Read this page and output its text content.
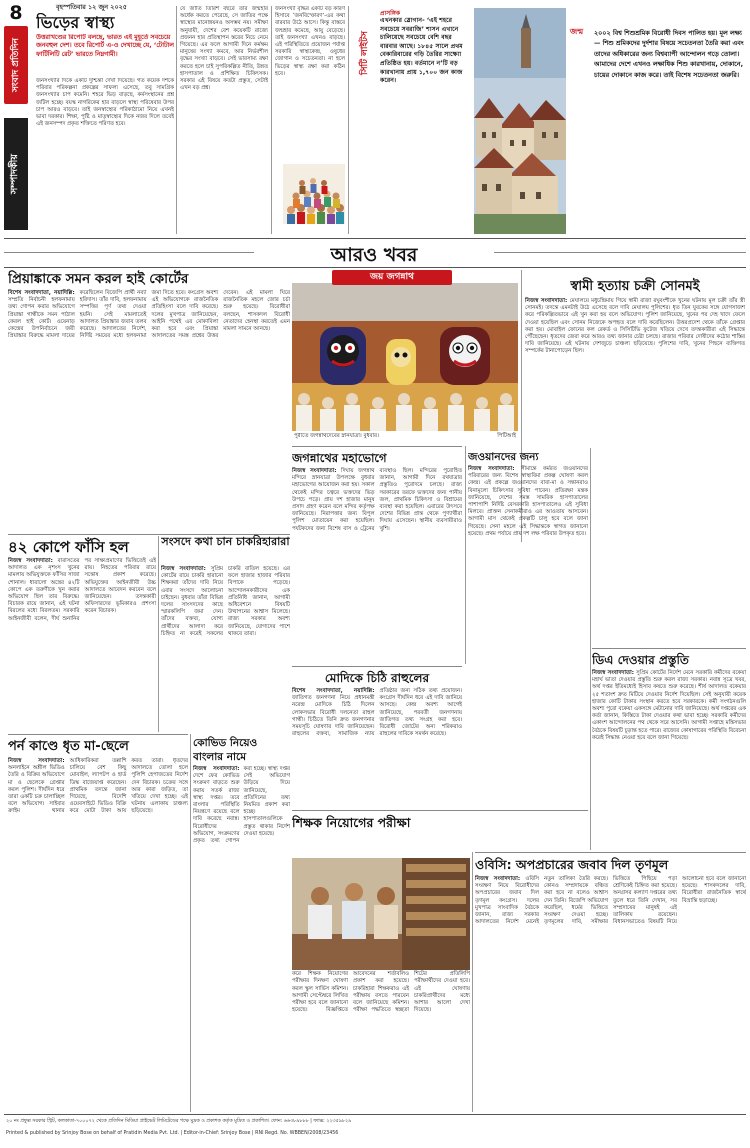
8
সংবাদ প্রতিদিন
সম্পাদকীয়
বৃহস্পতিবার ১২ জুন ২০২৫
ভিড়ের স্বাস্থ্য
উত্তরাখণ্ডের রিপোর্ট বলছে, ভারত এই মুহূর্তে সবচেয়ে জনবহুল দেশ। তবে রিপোর্ট এ-ও দেখাচ্ছে যে, ‘টোটাল ফার্টিলিটি রেট’ ভারতে নিম্নগামী।
জনসংখ্যার দিকে একটি দুশ্চিন্তা দেখা দিয়েছে। গত কয়েক দশকে পরিবার পরিকল্পনা প্রকল্পের সাফল্য এসেছে, তবু সামগ্রিক জনসংখ্যার চাপ কমেনি। শহরে ভিড় বাড়ছে, কর্মসংস্থানের প্রশ্ন জটিল হচ্ছে। বয়স্ক নাগরিকের হার বাড়লে স্বাস্থ্য পরিষেবার উপর চাপ আরও বাড়বে। তাই জনস্বাস্থ্যের পরিকাঠামো নিয়ে এখনই ভাবা দরকার। শিক্ষা, পুষ্টি ও মাতৃস্বাস্থ্যের দিকে নজর দিলে তবেই এই জনসম্পদ প্রকৃত শক্তিতে পরিণত হবে।
যে জাতি তিরিশ বছরে তার জন্মহার অর্ধেক করতে পেরেছে, সে জাতির পক্ষে স্বাস্থ্যের মানোন্নয়নও অসম্ভব নয়। সমীক্ষা অনুযায়ী, দেশের বেশ কয়েকটি রাজ্যে প্রজনন হার প্রতিস্থাপন স্তরের নিচে নেমে গিয়েছে। এর ফলে আগামী দিনে কর্মক্ষম মানুষের সংখ্যা কমবে, আর নির্ভরশীল বৃদ্ধের সংখ্যা বাড়বে। সেই ভারসাম্য রক্ষা করতে হলে চাই সুপরিকল্পিত নীতি, উন্নত হাসপাতাল ও প্রশিক্ষিত চিকিৎসক। সরকার এই বিষয়ে কতটা প্রস্তুত, সেটাই এখন বড় প্রশ্ন।
জনসংখ্যা বৃদ্ধির একটি বড় কারণ হিসাবে ‘জনবিস্ফোরণ’-এর কথা বারবার উঠে আসে। কিন্তু বাস্তবে জন্মহার কমেছে, আয়ু বেড়েছে। তাই জনসংখ্যা এখনও বাড়ছে। এই পরিস্থিতিতে প্রয়োজন পর্যাপ্ত সরকারি স্বাস্থ্যকেন্দ্র, ওষুধের জোগান ও সচেতনতা। না হলে ভিড়ের স্বাস্থ্য রক্ষা করা কঠিন হবে।	সিটি লাইটস
প্রাসঙ্গিক
এখনকার স্লোগান- ‘এই শহরে সবচেয়ে সবরাজি’ শাসন এখানে চালিয়েছে সবচেয়ে বেশি বছর বারবার আছে। ১৮৪৫ সালে প্রথম বেকারিবারের গড়ি তৈরির সাক্ষ্যো প্রতিষ্ঠিত হয়। বর্তমানে ন’টি বড় কারখানায় প্রায় ১,৭০০ জন কাজ করেন।
জন্ম	২০০২ বিশ্ব শিশুশ্রমিক বিরোধী দিবস পালিত হয়। মূল লক্ষ্য— শিশু শ্রমিকদের দুর্দশার বিষয়ে সচেতনতা তৈরি করা এবং তাদের অধিকারের জন্য বিশ্বব্যাপী আন্দোলন গড়ে তোলা। আমাদের দেশে এখনও লক্ষাধিক শিশু কারখানায়, দোকানে, চায়ের দোকানে কাজ করে। তাই বিশেষ সচেতনতা জরুরি।
আরও খবর
প্রিয়াঙ্কাকে সমন করল হাই কোর্টের
বিশেষ সংবাদদাতা, নয়াদিল্লি: সম্প্রতি নির্বাচনী হলফনামায় তথ্য গোপন করার অভিযোগে প্রিয়াঙ্কা গান্ধীকে সমন পাঠাল কেরল হাই কোর্ট। ওয়েনাড় কেন্দ্রের উপনির্বাচনে জয়ী প্রিয়াঙ্কার বিরুদ্ধে মামলা দায়ের করেছিলেন বিজেপি প্রার্থী নব্যা হরিদাস। তাঁর দাবি, হলফনামায় সম্পত্তির পূর্ণ তথ্য দেওয়া হয়নি। সেই মামলাতেই আদালত প্রিয়াঙ্কার জবাব তলব করেছে। আদালতের নির্দেশ, নির্দিষ্ট সময়ের মধ্যে হলফনামা জমা দিতে হবে। কংগ্রেস অবশ্য এই অভিযোগকে রাজনৈতিক প্রতিহিংসা বলে দাবি করেছে। দলের মুখপাত্র জানিয়েছেন, আইনি পথেই এর মোকাবিলা করা হবে এবং প্রিয়াঙ্কা আদালতের সমস্ত প্রশ্নের উত্তর দেবেন। এই মামলা ঘিরে রাজনৈতিক মহলে জোর চর্চা শুরু হয়েছে। বিরোধীরা বলছেন, শাসকদল বিরোধী নেতাদের হেনস্থা করতেই এমন মামলা সামনে আনছে।
জয় জগন্নাথ
পুরীতে জগন্নাথদেবের স্নানযাত্রা। বুধবার।	পিটিআই
স্বামী হত্যায় চক্রী সোনমই
নিজস্ব সংবাদদাতা: মেঘালয়ে মধুচন্দ্রিমায় গিয়ে স্বামী রাজা রঘুবংশীকে খুনের ঘটনায় মূল চক্রী তাঁর স্ত্রী সোনমই। তদন্তে এমনটাই উঠে এসেছে বলে দাবি মেঘালয় পুলিশের। ধৃত তিন যুবকের সঙ্গে যোগসাজশ করে পরিকল্পিতভাবে এই খুন করা হয় বলে অভিযোগ। পুলিশ জানিয়েছে, খুনের পর দেহ খাদে ফেলে দেওয়া হয়েছিল এবং সোনম নিজেকে অপহৃত বলে দাবি করেছিলেন। উত্তরপ্রদেশ থেকে তাঁকে গ্রেপ্তার করা হয়। মোবাইল ফোনের কল রেকর্ড ও সিসিটিভি ফুটেজ খতিয়ে দেখে তদন্তকারীরা এই সিদ্ধান্তে পৌঁছেছেন। ধৃতদের জেরা করে আরও তথ্য জানার চেষ্টা চলছে। রাজার পরিবার দোষীদের কঠোর শাস্তির দাবি জানিয়েছে। এই ঘটনায় দেশজুড়ে চাঞ্চল্য ছড়িয়েছে। পুলিশের দাবি, খুনের পিছনে ব্যক্তিগত সম্পর্কের টানাপোড়েন ছিল।
জগন্নাথের মহাভোগে
নিজস্ব সংবাদদাতা: দিঘায় জগন্নাথ মন্দিরে স্নানযাত্রা উপলক্ষে বুধবার মহাভোগের আয়োজন করা হয়। সকাল থেকেই মন্দির চত্বরে ভক্তদের ভিড় উপচে পড়ে। প্রায় দশ হাজার মানুষ প্রসাদ গ্রহণ করেন বলে মন্দির কর্তৃপক্ষ জানিয়েছে। নিরাপত্তার জন্য বিপুল পুলিশ মোতায়েন করা হয়েছিল। পর্যটকদের জন্য বিশেষ বাস ও ট্রেনের ব্যবস্থাও ছিল। মন্দিরের পুরোহিত জানান, আগামী দিনে রথযাত্রার প্রস্তুতিও পুরোদমে চলছে। রাজ্য সরকারের তরফে ভক্তদের জন্য পানীয় জল, প্রাথমিক চিকিৎসা ও বিশ্রামের ব্যবস্থা করা হয়েছিল। এবারের উৎসবে দেশের বিভিন্ন প্রান্ত থেকে পুণ্যার্থীরা দিঘায় এসেছেন। স্থানীয় ব্যবসায়ীরাও খুশি।
জওয়ানদের জন্য
নিজস্ব সংবাদদাতা: সীমান্তে কর্মরত জওয়ানদের পরিবারের জন্য বিশেষ স্বাস্থ্যবিমা প্রকল্প ঘোষণা করল কেন্দ্র। এই প্রকল্পে জওয়ানদের বাবা-মা ও সন্তানরাও বিনামূল্যে চিকিৎসার সুবিধা পাবেন। প্রতিরক্ষা মন্ত্রক জানিয়েছে, দেশের সমস্ত সামরিক হাসপাতালের পাশাপাশি নির্দিষ্ট বেসরকারি হাসপাতালেও এই সুবিধা মিলবে। প্রাক্তন সেনাকর্মীরাও এর আওতায় আসবেন। আগামী মাস থেকেই প্রকল্পটি চালু হবে বলে জানা গিয়েছে। সেনা মহলে এই সিদ্ধান্তকে স্বাগত জানানো হয়েছে। প্রথম পর্যায়ে প্রায় দশ লক্ষ পরিবার উপকৃত হবে।
৪২ কোপে ফাঁসি হল
নিজস্ব সংবাদদাতা: বারাসতের আদালত এক নৃশংস খুনের মামলায় অভিযুক্তকে ফাঁসির সাজা শোনাল। ধারালো অস্ত্রের ৪২টি কোপে এক তরুণীকে খুন করার অভিযোগ ছিল তার বিরুদ্ধে। বিচারক রায়ে জানান, এই ঘটনা বিরলের মধ্যে বিরলতম। সরকারি আইনজীবী বলেন, দীর্ঘ শুনানির পর সাক্ষ্যপ্রমাণের ভিত্তিতেই এই রায়। নিহতের পরিবার রায়ে সন্তোষ প্রকাশ করেছে। অভিযুক্তের আইনজীবী উচ্চ আদালতে আবেদন করবেন বলে জানিয়েছেন। তদন্তকারী অফিসারদের ভূমিকারও প্রশংসা করেন বিচারক।
সংসদে কথা চান চাকরিহারারা
নিজস্ব সংবাদদাতা: সুপ্রিম কোর্টের রায়ে চাকরি হারানো শিক্ষকরা তাঁদের দাবি নিয়ে এবার সংসদে আলোচনা চাইছেন। বুধবার তাঁরা বিভিন্ন দলের সাংসদদের কাছে স্মারকলিপি জমা দেন। তাঁদের বক্তব্য, যোগ্য প্রার্থীদের আলাদা করে চিহ্নিত না করেই সকলের চাকরি বাতিল হয়েছে। এর ফলে হাজার হাজার পরিবার বিপাকে পড়েছে। আন্দোলনকারীদের এক প্রতিনিধি জানান, আগামী অধিবেশনে বিষয়টি উত্থাপনের আশ্বাস মিলেছে। রাজ্য সরকার অবশ্য জানিয়েছে, যোগ্যদের পাশে থাকবে তারা।
ডিএ দেওয়ার প্রস্তুতি
নিজস্ব সংবাদদাতা: সুপ্রিম কোর্টের নির্দেশ মেনে সরকারি কর্মীদের বকেয়া মহার্ঘ ভাতা দেওয়ার প্রস্তুতি শুরু করল রাজ্য সরকার। নবান্ন সূত্রে খবর, অর্থ দপ্তর ইতিমধ্যেই হিসাব কষতে শুরু করেছে। শীর্ষ আদালত বকেয়ার ২৫ শতাংশ দ্রুত মিটিয়ে দেওয়ার নির্দেশ দিয়েছিল। সেই অনুযায়ী কয়েক হাজার কোটি টাকার সংস্থান করতে হবে সরকারকে। কর্মী সংগঠনগুলি অবশ্য পুরো বকেয়া একসঙ্গে মেটানোর দাবি জানিয়েছে। অর্থ দপ্তরের এক কর্তা জানান, কিস্তিতে টাকা দেওয়ার কথা ভাবা হচ্ছে। সরকারি কর্মীদের একাংশ আন্দোলনের পথ থেকে সরে আসেনি। আগামী সপ্তাহে মন্ত্রিসভার বৈঠকে বিষয়টি চূড়ান্ত হতে পারে। রাজ্যের কোষাগারের পরিস্থিতি বিবেচনা করেই সিদ্ধান্ত নেওয়া হবে বলে জানা গিয়েছে।
মোদিকে চিঠি রাহুলের
বিশেষ সংবাদদাতা, নয়াদিল্লি: জাতিগত জনগণনা নিয়ে প্রধানমন্ত্রী নরেন্দ্র মোদিকে চিঠি দিলেন লোকসভার বিরোধী দলনেতা রাহুল গান্ধী। চিঠিতে তিনি দ্রুত জনগণনার সময়সূচি ঘোষণার দাবি জানিয়েছেন। রাহুলের বক্তব্য, সামাজিক ন্যায় প্রতিষ্ঠার জন্য সঠিক তথ্য প্রয়োজন। কংগ্রেস দীর্ঘদিন ধরে এই দাবি জানিয়ে আসছে। কেন্দ্র অবশ্য আগেই জানিয়েছে, পরবর্তী জনগণনায় জাতিগত তথ্য সংগ্রহ করা হবে। বিরোধী জোটের অন্য শরিকরাও রাহুলের দাবিকে সমর্থন করেছে।
পর্ন কাণ্ডে ধৃত মা-ছেলে
নিজস্ব সংবাদদাতা: অনলাইনে অশ্লীল ভিডিও তৈরি ও বিক্রির অভিযোগে মা ও ছেলেকে গ্রেপ্তার করল পুলিশ। দীর্ঘদিন ধরে তারা একটি চক্র চালাচ্ছিল বলে অভিযোগ। সাইবার ক্রাইম থানার আধিকারিকরা তল্লাশি চালিয়ে বেশ কিছু মোবাইল, ল্যাপটপ ও হার্ড ডিস্ক বাজেয়াপ্ত করেছেন। প্রাথমিক তদন্তে জানা গিয়েছে, বিদেশি ওয়েবসাইটে ভিডিও বিক্রি করে মোটা টাকা আয় করত তারা। ধৃতদের আদালতে তোলা হলে পুলিশি হেপাজতের নির্দেশ দেন বিচারক। চক্রের সঙ্গে আর কারা জড়িত, তা খতিয়ে দেখা হচ্ছে। এই ঘটনায় এলাকায় চাঞ্চল্য ছড়িয়েছে।
কোভিড নিয়েও বাংলার নামে
নিজস্ব সংবাদদাতা: দেশে ফের কোভিড সংক্রমণ বাড়তে শুরু করায় সতর্ক রাজ্য স্বাস্থ্য দপ্তর। তবে বাংলার পরিস্থিতি নিয়ন্ত্রণে রয়েছে বলে দাবি করেছে নবান্ন। বিরোধীদের অভিযোগ, সংক্রমণের প্রকৃত তথ্য গোপন করা হচ্ছে। স্বাস্থ্য দপ্তর সেই অভিযোগ উড়িয়ে দিয়ে জানিয়েছে, প্রতিদিনের তথ্য নিয়মিত প্রকাশ করা হচ্ছে। হাসপাতালগুলিকে প্রস্তুত থাকার নির্দেশ দেওয়া হয়েছে।
শিক্ষক নিয়োগের পরীক্ষা
করে শিক্ষক নিয়োগের পরীক্ষার দিনক্ষণ ঘোষণা করল স্কুল সার্ভিস কমিশন। আগামী সেপ্টেম্বরে লিখিত পরীক্ষা হবে বলে জানানো হয়েছে। বিজ্ঞপ্তিতে আবেদনের শর্তাবলিও প্রকাশ করা হয়েছে। চাকরিহারা শিক্ষকরাও এই পরীক্ষায় বসতে পারবেন বলে জানিয়েছে কমিশন। পরীক্ষা পদ্ধতিতে স্বচ্ছতা শিটের প্রতিলিপি পরীক্ষার্থীদের দেওয়া হবে। এই ঘোষণায় চাকরিপ্রার্থীদের মধ্যে আশার আলো দেখা দিয়েছে।
ওবিসি: অপপ্রচারের জবাব দিল তৃণমূল
নিজস্ব সংবাদদাতা: ওবিসি সংরক্ষণ নিয়ে বিরোধীদের অপপ্রচারের জবাব দিল তৃণমূল কংগ্রেস। দলের মুখপাত্র সাংবাদিক বৈঠকে জানান, রাজ্য সরকার আদালতের নির্দেশ মেনেই নতুন তালিকা তৈরি করছে। কোনও সম্প্রদায়কে বঞ্চিত করা হবে না বলেও আশ্বাস দেন তিনি। বিজেপি অভিযোগ করেছিল, ধর্মের ভিত্তিতে সংরক্ষণ দেওয়া হচ্ছে। তৃণমূলের দাবি, সমীক্ষার ভিত্তিতে পিছিয়ে পড়া শ্রেণিকেই চিহ্নিত করা হয়েছে। অনগ্রসর কল্যাণ দপ্তরের তথ্য তুলে ধরে তিনি দেখান, সব সম্প্রদায়ের মানুষই এই তালিকায় রয়েছেন। বিধানসভাতেও বিষয়টি নিয়ে আলোচনা হবে বলে জানানো হয়েছে। শাসকদলের দাবি, বিরোধীরা রাজনৈতিক স্বার্থে বিভ্রান্তি ছড়াচ্ছে।
২০ নং প্রফুল্ল সরকার স্ট্রিট, কলকাতা-৭০০০৭২ থেকে প্রতিদিন মিডিয়া প্রাইভেট লিমিটেডের পক্ষে মুদ্রক ও প্রকাশক কর্তৃক মুদ্রিত ও প্রকাশিত। ফোন: ৬৬৩৮৯৮৮৮ | ফ্যাক্স: ২২৩৫৯৮২৯
Printed & published by Srinjoy Bose on behalf of Pratidin Media Pvt. Ltd. | Editor-in-Chief: Srinjoy Bose | RNI Regd. No. WBBEN/2008/23456
